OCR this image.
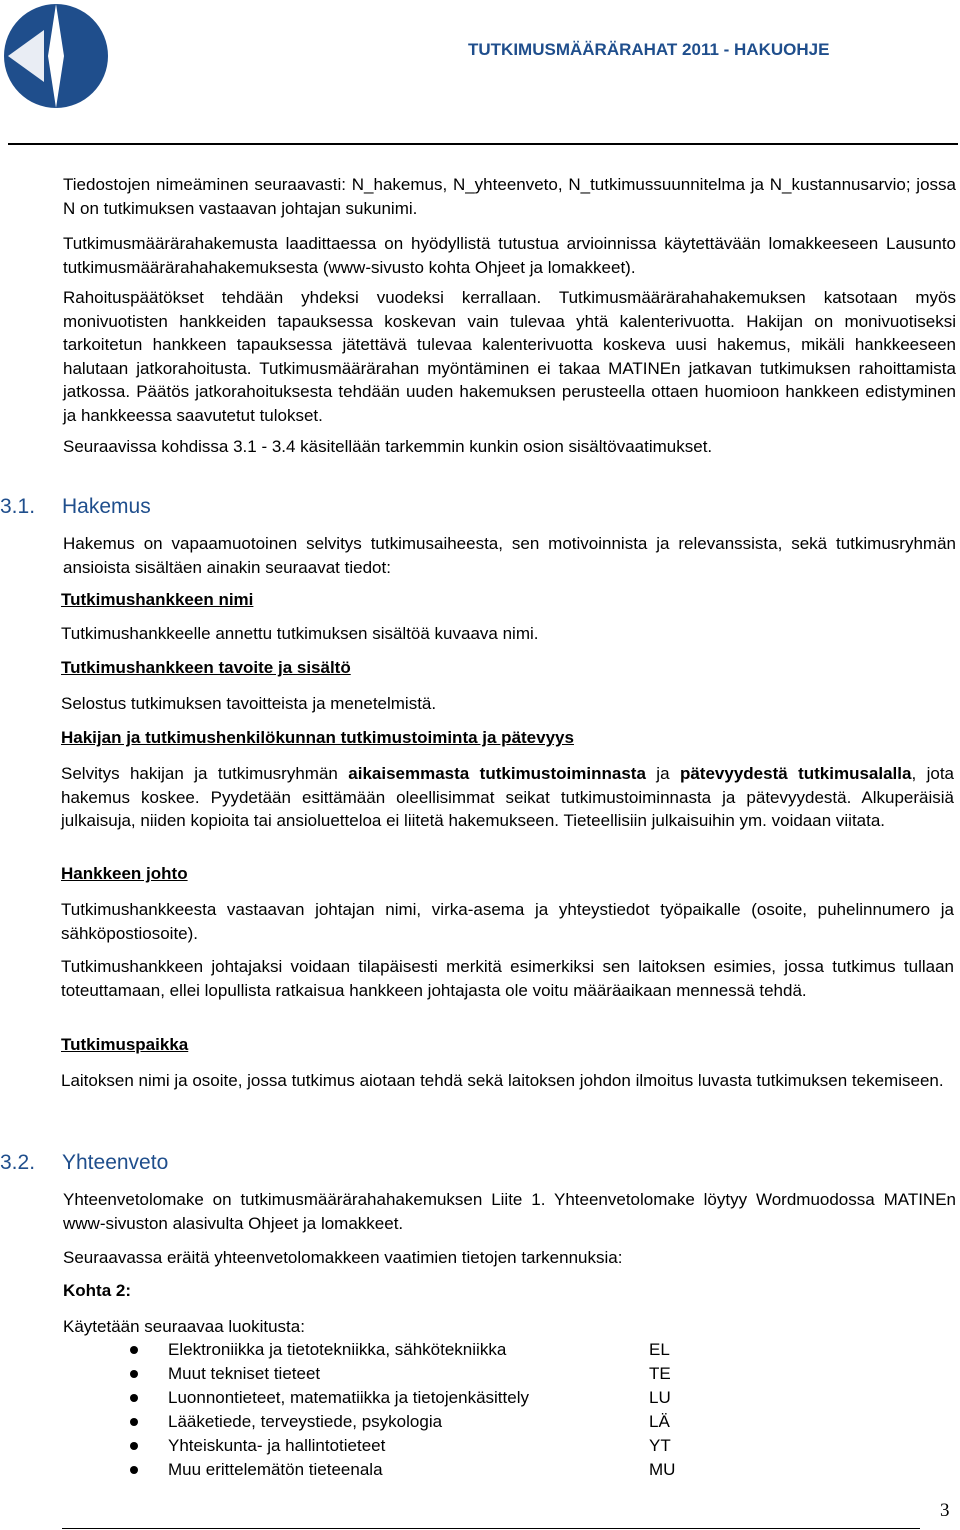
TUTKIMUSMÄÄRÄRAHAT 2011 - HAKUOHJE
Tiedostojen nimeäminen seuraavasti: N_hakemus, N_yhteenveto, N_tutkimussuunnitelma ja N_kustannusarvio; jossa N on tutkimuksen vastaavan johtajan sukunimi.
Tutkimusmäärärahakemusta laadittaessa on hyödyllistä tutustua arvioinnissa käytettävään lomakkeeseen Lausunto tutkimusmäärärahahakemuksesta (www-sivusto kohta Ohjeet ja lomakkeet).
Rahoituspäätökset tehdään yhdeksi vuodeksi kerrallaan. Tutkimusmäärärahahakemuksen katsotaan myös monivuotisten hankkeiden tapauksessa koskevan vain tulevaa yhtä kalenterivuotta. Hakijan on monivuotiseksi tarkoitetun hankkeen tapauksessa jätettävä tulevaa kalenterivuotta koskeva uusi hakemus, mikäli hankkeeseen halutaan jatkorahoitusta. Tutkimusmäärärahan myöntäminen ei takaa MATINEn jatkavan tutkimuksen rahoittamista jatkossa. Päätös jatkorahoituksesta tehdään uuden hakemuksen perusteella ottaen huomioon hankkeen edistyminen ja hankkeessa saavutetut tulokset.
Seuraavissa kohdissa 3.1 - 3.4 käsitellään tarkemmin kunkin osion sisältövaatimukset.
3.1. Hakemus
Hakemus on vapaamuotoinen selvitys tutkimusaiheesta, sen motivoinnista ja relevanssista, sekä tutkimusryhmän ansioista sisältäen ainakin seuraavat tiedot:
Tutkimushankkeen nimi
Tutkimushankkeelle annettu tutkimuksen sisältöä kuvaava nimi.
Tutkimushankkeen tavoite ja sisältö
Selostus tutkimuksen tavoitteista ja menetelmistä.
Hakijan ja tutkimushenkilökunnan tutkimustoiminta ja pätevyys
Selvitys hakijan ja tutkimusryhmän aikaisemmasta tutkimustoiminnasta ja pätevyydestä tutkimusalalla, jota hakemus koskee. Pyydetään esittämään oleellisimmat seikat tutkimustoiminnasta ja pätevyydestä. Alkuperäisiä julkaisuja, niiden kopioita tai ansioluetteloa ei liitetä hakemukseen. Tieteellisiin julkaisuihin ym. voidaan viitata.
Hankkeen johto
Tutkimushankkeesta vastaavan johtajan nimi, virka-asema ja yhteystiedot työpaikalle (osoite, puhelinnumero ja sähköpostiosoite).
Tutkimushankkeen johtajaksi voidaan tilapäisesti merkitä esimerkiksi sen laitoksen esimies, jossa tutkimus tullaan toteuttamaan, ellei lopullista ratkaisua hankkeen johtajasta ole voitu määräaikaan mennessä tehdä.
Tutkimuspaikka
Laitoksen nimi ja osoite, jossa tutkimus aiotaan tehdä sekä laitoksen johdon ilmoitus luvasta tutkimuksen tekemiseen.
3.2. Yhteenveto
Yhteenvetolomake on tutkimusmäärärahahakemuksen Liite 1. Yhteenvetolomake löytyy Wordmuodossa MATINEn www-sivuston alasivulta Ohjeet ja lomakkeet.
Seuraavassa eräitä yhteenvetolomakkeen vaatimien tietojen tarkennuksia:
Kohta 2:
Käytetään seuraavaa luokitusta:
Elektroniikka ja tietotekniikka, sähkötekniikka	EL
Muut tekniset tieteet	TE
Luonnontieteet, matematiikka ja tietojenkäsittely	LU
Lääketiede, terveystiede, psykologia	LÄ
Yhteiskunta- ja hallintotieteet	YT
Muu erittelemätön tieteenala	MU
3
